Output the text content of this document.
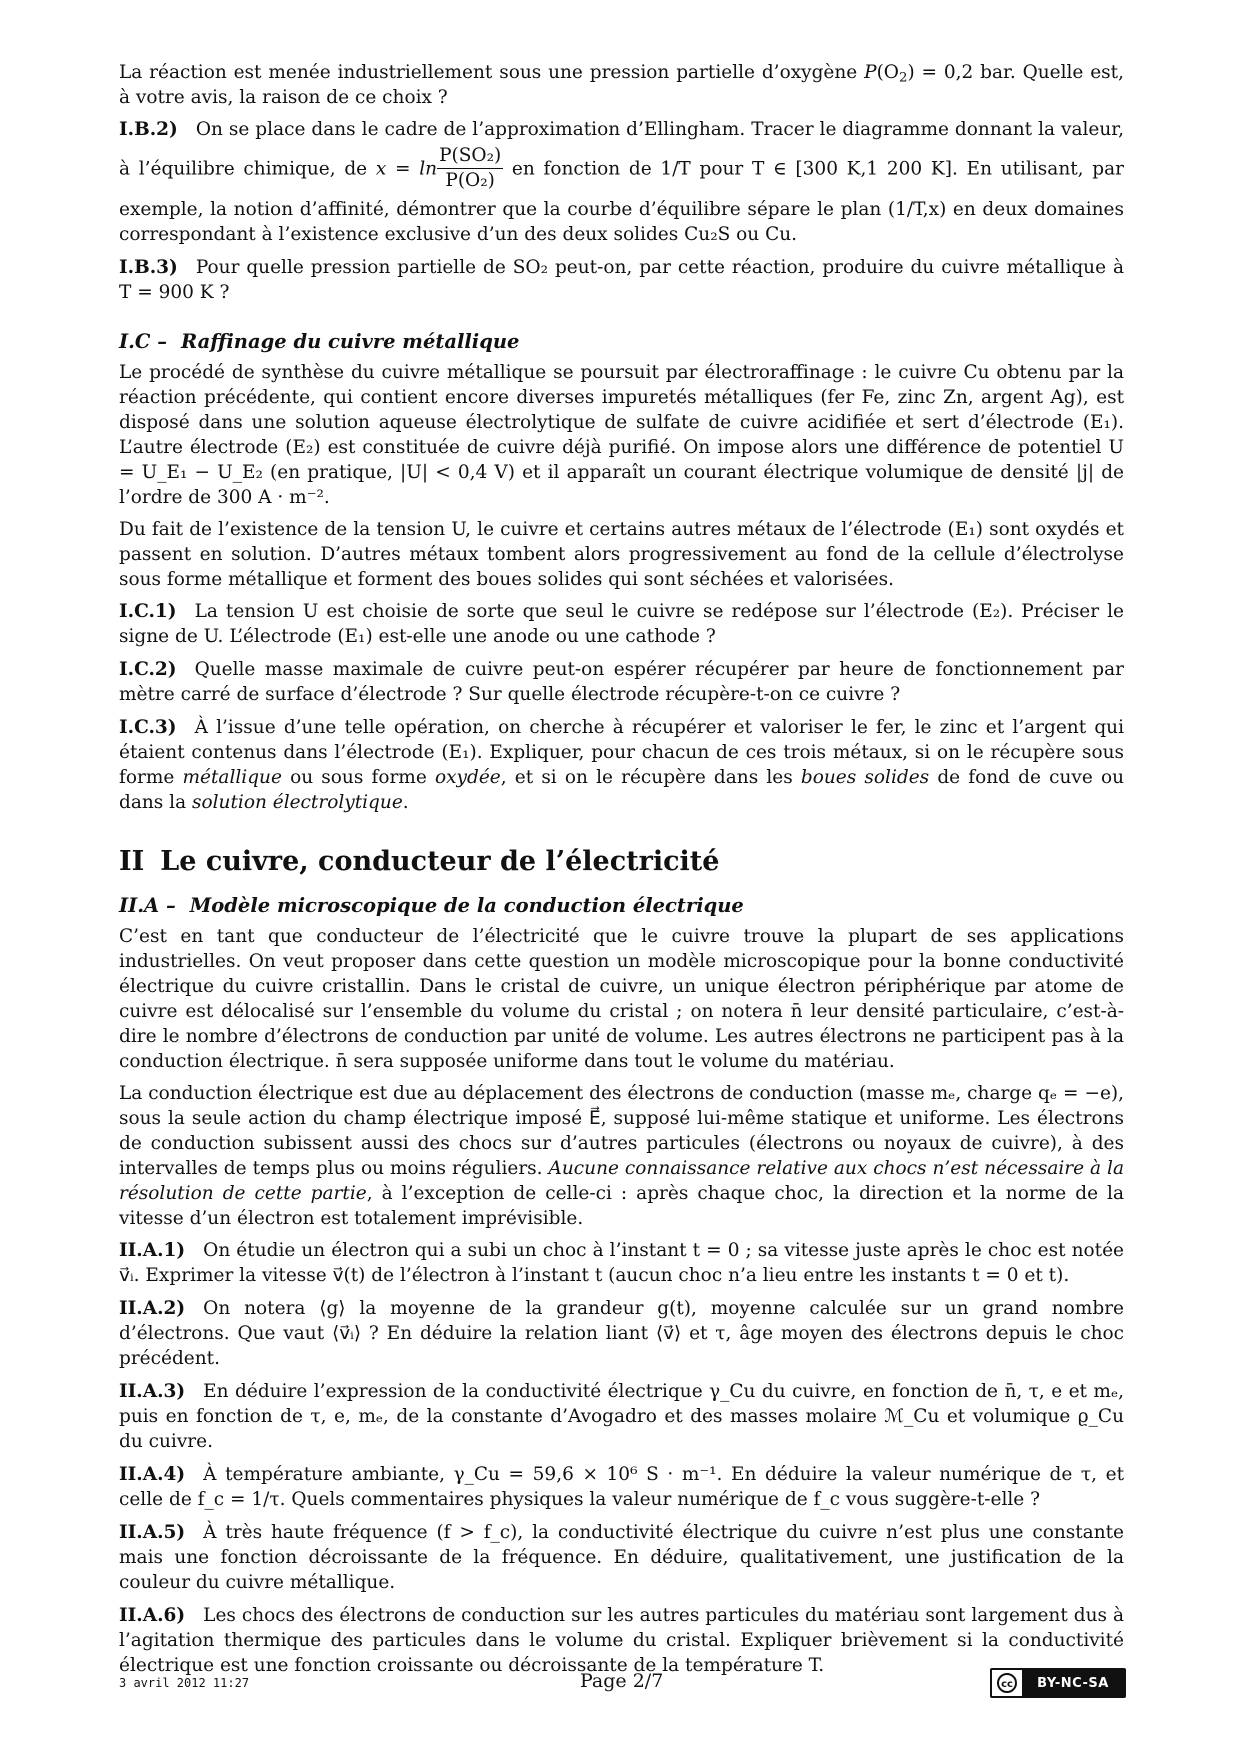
La réaction est menée industriellement sous une pression partielle d’oxygène $P(O_2) = 0,2$ bar. Quelle est, à votre avis, la raison de ce choix ?

I.B.2) On se place dans le cadre de l’approximation d’Ellingham. Tracer le diagramme donnant la valeur, à l’équilibre chimique, de $x = \ln \frac{\text{P(SO₂)}}{\text{P(O₂)}}$ en fonction de 1/T pour T ∈ [300 K,1 200 K]. En utilisant, par exemple, la notion d’affinité, démontrer que la courbe d’équilibre sépare le plan (1/T,x) en deux domaines correspondant à l’existence exclusive d’un des deux solides Cu₂S ou Cu.
I.B.3) Pour quelle pression partielle de SO₂ peut-on, par cette réaction, produire du cuivre métallique à T = 900 K ?
I.C – Raffinage du cuivre métallique

Le procédé de synthèse du cuivre métallique se poursuit par électroraffinage : le cuivre Cu obtenu par la réaction précédente, qui contient encore diverses impuretés métalliques (fer Fe, zinc Zn, argent Ag), est disposé dans une solution aqueuse électrolytique de sulfate de cuivre acidifiée et sert d’électrode (E₁). L’autre électrode (E₂) est constituée de cuivre déjà purifié. On impose alors une différence de potentiel U = U_E₁ − U_E₂ (en pratique, |U| < 0,4 V) et il apparaît un courant électrique volumique de densité |j| de l’ordre de 300 A · m⁻².

Du fait de l’existence de la tension U, le cuivre et certains autres métaux de l’électrode (E₁) sont oxydés et passent en solution. D’autres métaux tombent alors progressivement au fond de la cellule d’électrolyse sous forme métallique et forment des boues solides qui sont séchées et valorisées.

I.C.1) La tension U est choisie de sorte que seul le cuivre se redépose sur l’électrode (E₂). Préciser le signe de U. L’électrode (E₁) est-elle une anode ou une cathode ?
I.C.2) Quelle masse maximale de cuivre peut-on espérer récupérer par heure de fonctionnement par mètre carré de surface d’électrode ? Sur quelle électrode récupère-t-on ce cuivre ?
I.C.3) À l’issue d’une telle opération, on cherche à récupérer et valoriser le fer, le zinc et l’argent qui étaient contenus dans l’électrode (E₁). Expliquer, pour chacun de ces trois métaux, si on le récupère sous forme métallique ou sous forme oxydée, et si on le récupère dans les boues solides de fond de cuve ou dans la solution électrolytique.
II Le cuivre, conducteur de l’électricité
II.A – Modèle microscopique de la conduction électrique

C’est en tant que conducteur de l’électricité que le cuivre trouve la plupart de ses applications industrielles. On veut proposer dans cette question un modèle microscopique pour la bonne conductivité électrique du cuivre cristallin. Dans le cristal de cuivre, un unique électron périphérique par atome de cuivre est délocalisé sur l’ensemble du volume du cristal ; on notera n̄ leur densité particulaire, c’est-à-dire le nombre d’électrons de conduction par unité de volume. Les autres électrons ne participent pas à la conduction électrique. n̄ sera supposée uniforme dans tout le volume du matériau.

La conduction électrique est due au déplacement des électrons de conduction (masse mₑ, charge qₑ = −e), sous la seule action du champ électrique imposé E⃗, supposé lui-même statique et uniforme. Les électrons de conduction subissent aussi des chocs sur d’autres particules (électrons ou noyaux de cuivre), à des intervalles de temps plus ou moins réguliers. Aucune connaissance relative aux chocs n’est nécessaire à la résolution de cette partie, à l’exception de celle-ci : après chaque choc, la direction et la norme de la vitesse d’un électron est totalement imprévisible.

II.A.1) On étudie un électron qui a subi un choc à l’instant t = 0 ; sa vitesse juste après le choc est notée v⃗ᵢ. Exprimer la vitesse v⃗(t) de l’électron à l’instant t (aucun choc n’a lieu entre les instants t = 0 et t).
II.A.2) On notera ⟨g⟩ la moyenne de la grandeur g(t), moyenne calculée sur un grand nombre d’électrons. Que vaut ⟨v⃗ᵢ⟩ ? En déduire la relation liant ⟨v⃗⟩ et τ, âge moyen des électrons depuis le choc précédent.
II.A.3) En déduire l’expression de la conductivité électrique γ_Cu du cuivre, en fonction de n̄, τ, e et mₑ, puis en fonction de τ, e, mₑ, de la constante d’Avogadro et des masses molaire ℳ_Cu et volumique ϱ_Cu du cuivre.
II.A.4) À température ambiante, γ_Cu = 59,6 × 10⁶ S · m⁻¹. En déduire la valeur numérique de τ, et celle de f_c = 1/τ. Quels commentaires physiques la valeur numérique de f_c vous suggère-t-elle ?
II.A.5) À très haute fréquence (f > f_c), la conductivité électrique du cuivre n’est plus une constante mais une fonction décroissante de la fréquence. En déduire, qualitativement, une justification de la couleur du cuivre métallique.
II.A.6) Les chocs des électrons de conduction sur les autres particules du matériau sont largement dus à l’agitation thermique des particules dans le volume du cristal. Expliquer brièvement si la conductivité électrique est une fonction croissante ou décroissante de la température T.
3 avril 2012 11:27	Page 2/7	cc	BY-NC-SA
